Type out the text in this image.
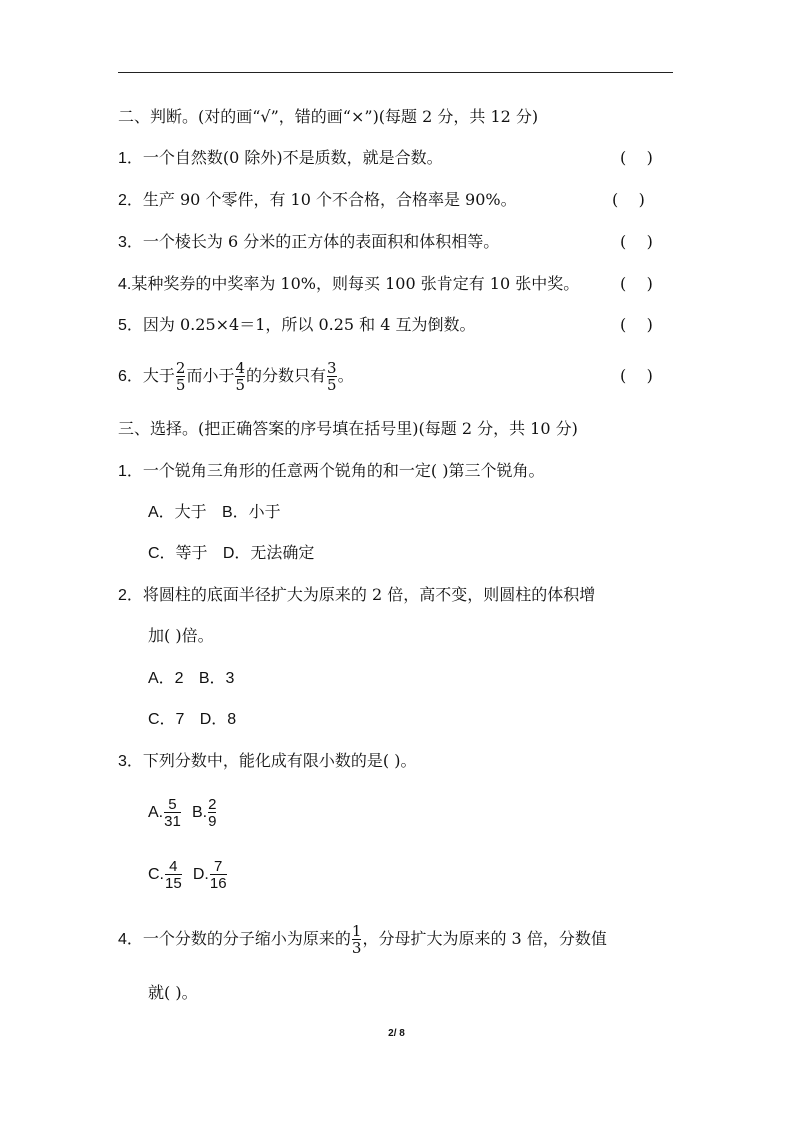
二、判断。(对的画“√”，错的画“×”)(每题 2 分，共 12 分)
1．一个自然数(0 除外)不是质数，就是合数。	(    )
2．生产 90 个零件，有 10 个不合格，合格率是 90%。	(    )
3．一个棱长为 6 分米的正方体的表面积和体积相等。	(    )
4.某种奖券的中奖率为 10%，则每买 100 张肯定有 10 张中奖。	(    )
5．因为 0.25×4＝1，所以 0.25 和 4 互为倒数。	(    )
6．大于 $\frac{2}{5}$ 而小于 $\frac{4}{5}$ 的分数只有 $\frac{3}{5}$ 。	(    )
三、选择。(把正确答案的序号填在括号里)(每题 2 分，共 10 分)
1．一个锐角三角形的任意两个锐角的和一定( )第三个锐角。
A．大于 B．小于
C．等于 D．无法确定
2．将圆柱的底面半径扩大为原来的 2 倍，高不变，则圆柱的体积增
加( )倍。
A．2 B．3
C．7 D．8
3．下列分数中，能化成有限小数的是( )。
A. $\frac{5}{31} B$. $\frac{2}{9}$
C. $\frac{4}{15} D$. $\frac{7}{16}$
4．一个分数的分子缩小为原来的 $\frac{1}{3}$ ，分母扩大为原来的 3 倍，分数值
就( )。
2/ 8
